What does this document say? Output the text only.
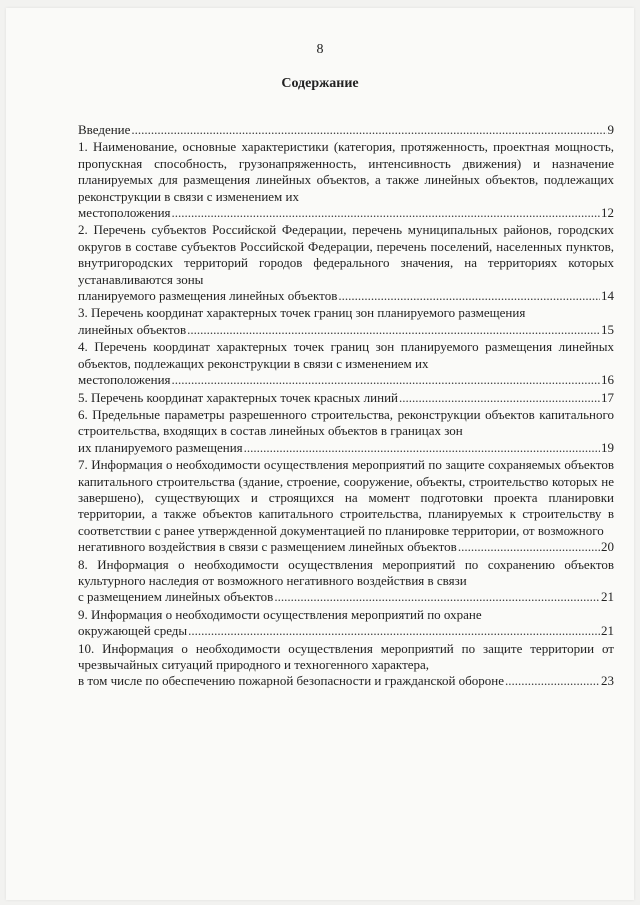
8
Содержание
Введение .....	9
1. Наименование, основные характеристики (категория, протяженность, проектная мощность, пропускная способность, грузонапряженность, интенсивность движения) и назначение планируемых для размещения линейных объектов, а также линейных объектов, подлежащих реконструкции в связи с изменением их
местоположения .....	12
2. Перечень субъектов Российской Федерации, перечень муниципальных районов, городских округов в составе субъектов Российской Федерации, перечень поселений, населенных пунктов, внутригородских территорий городов федерального значения, на территориях которых устанавливаются зоны
планируемого размещения линейных объектов .....	14
3. Перечень координат характерных точек границ зон планируемого размещения
линейных объектов .....	15
4. Перечень координат характерных точек границ зон планируемого размещения линейных объектов, подлежащих реконструкции в связи с изменением их
местоположения .....	16
5. Перечень координат характерных точек красных линий .....	17
6. Предельные параметры разрешенного строительства, реконструкции объектов капитального строительства, входящих в состав линейных объектов в границах зон
их планируемого размещения .....	19
7. Информация о необходимости осуществления мероприятий по защите сохраняемых объектов капитального строительства (здание, строение, сооружение, объекты, строительство которых не завершено), существующих и строящихся на момент подготовки проекта планировки территории, а также объектов капитального строительства, планируемых к строительству в соответствии с ранее утвержденной документацией по планировке территории, от возможного
негативного воздействия в связи с размещением линейных объектов .....	20
8. Информация о необходимости осуществления мероприятий по сохранению объектов культурного наследия от возможного негативного воздействия в связи
с размещением линейных объектов .....	21
9. Информация о необходимости осуществления мероприятий по охране
окружающей среды .....	21
10. Информация о необходимости осуществления мероприятий по защите территории от чрезвычайных ситуаций природного и техногенного характера,
в том числе по обеспечению пожарной безопасности и гражданской обороне .....	23
